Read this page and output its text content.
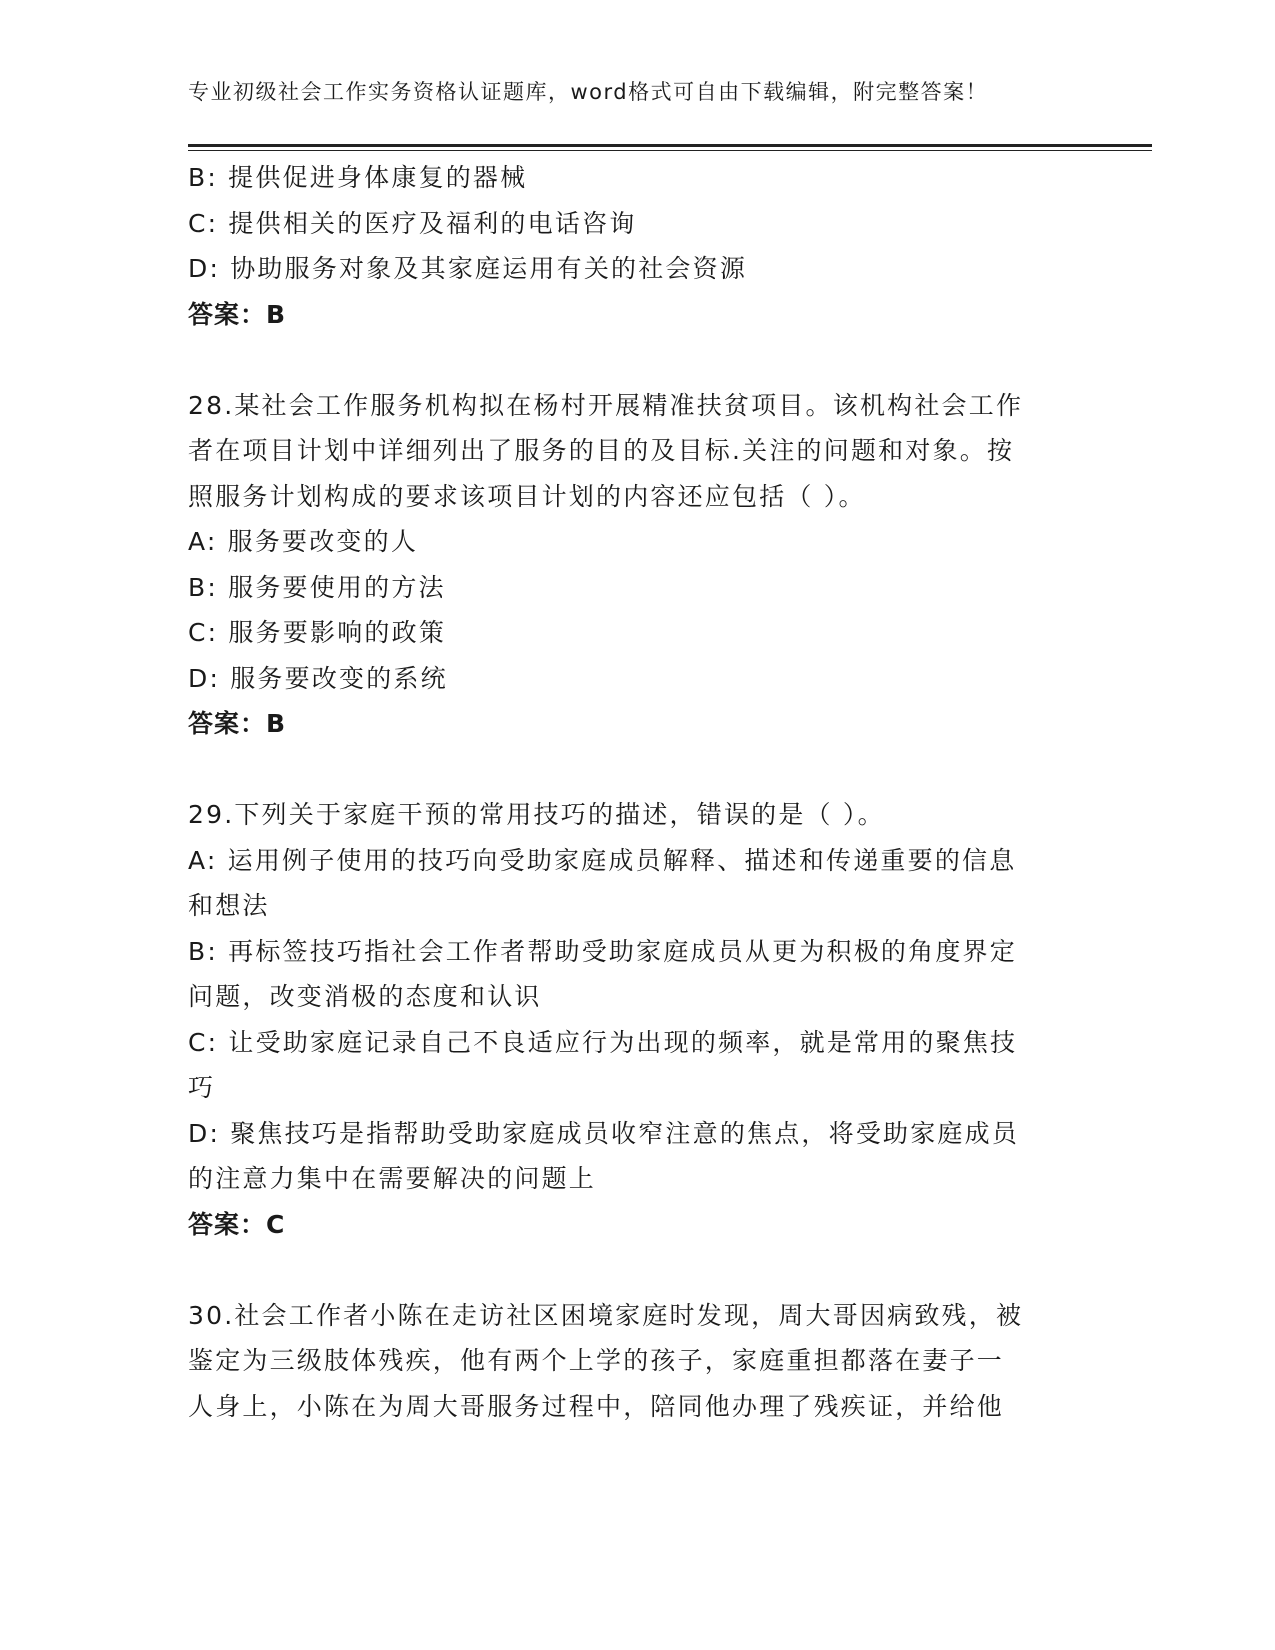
专业初级社会工作实务资格认证题库，word格式可自由下载编辑，附完整答案！

B: 提供促进身体康复的器械

C: 提供相关的医疗及福利的电话咨询

D: 协助服务对象及其家庭运用有关的社会资源

答案：B

28.某社会工作服务机构拟在杨村开展精准扶贫项目。该机构社会工作

者在项目计划中详细列出了服务的目的及目标.关注的问题和对象。按

照服务计划构成的要求该项目计划的内容还应包括（ ）。

A: 服务要改变的人

B: 服务要使用的方法

C: 服务要影响的政策

D: 服务要改变的系统

答案：B

29.下列关于家庭干预的常用技巧的描述，错误的是（ ）。

A: 运用例子使用的技巧向受助家庭成员解释、描述和传递重要的信息

和想法

B: 再标签技巧指社会工作者帮助受助家庭成员从更为积极的角度界定

问题，改变消极的态度和认识

C: 让受助家庭记录自己不良适应行为出现的频率，就是常用的聚焦技

巧

D: 聚焦技巧是指帮助受助家庭成员收窄注意的焦点，将受助家庭成员

的注意力集中在需要解决的问题上

答案：C

30.社会工作者小陈在走访社区困境家庭时发现，周大哥因病致残，被

鉴定为三级肢体残疾，他有两个上学的孩子，家庭重担都落在妻子一

人身上，小陈在为周大哥服务过程中，陪同他办理了残疾证，并给他
